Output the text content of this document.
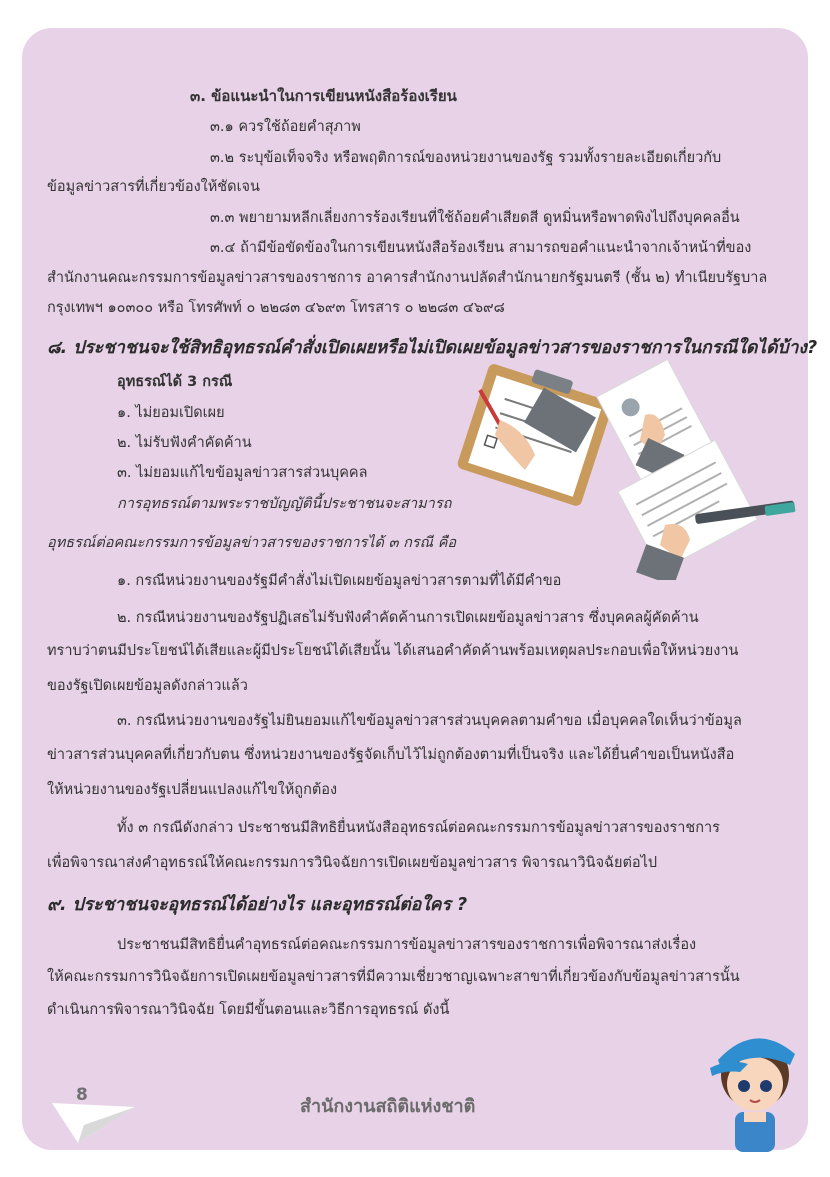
๓. ข้อแนะนำในการเขียนหนังสือร้องเรียน
๓.๑ ควรใช้ถ้อยคำสุภาพ
๓.๒ ระบุข้อเท็จจริง หรือพฤติการณ์ของหน่วยงานของรัฐ รวมทั้งรายละเอียดเกี่ยวกับ
ข้อมูลข่าวสารที่เกี่ยวข้องให้ชัดเจน
๓.๓ พยายามหลีกเลี่ยงการร้องเรียนที่ใช้ถ้อยคำเสียดสี ดูหมิ่นหรือพาดพิงไปถึงบุคคลอื่น
๓.๔ ถ้ามีข้อขัดข้องในการเขียนหนังสือร้องเรียน สามารถขอคำแนะนำจากเจ้าหน้าที่ของ
สำนักงานคณะกรรมการข้อมูลข่าวสารของราชการ อาคารสำนักงานปลัดสำนักนายกรัฐมนตรี (ชั้น ๒) ทำเนียบรัฐบาล
กรุงเทพฯ ๑๐๓๐๐ หรือ โทรศัพท์ ๐ ๒๒๘๓ ๔๖๙๓ โทรสาร ๐ ๒๒๘๓ ๔๖๙๘
๘. ประชาชนจะใช้สิทธิอุทธรณ์คำสั่งเปิดเผยหรือไม่เปิดเผยข้อมูลข่าวสารของราชการในกรณีใดได้บ้าง?
อุทธรณ์ได้ 3 กรณี
๑. ไม่ยอมเปิดเผย
๒. ไม่รับฟังคำคัดค้าน
๓. ไม่ยอมแก้ไขข้อมูลข่าวสารส่วนบุคคล
การอุทธรณ์ตามพระราชบัญญัตินี้ประชาชนจะสามารถ
อุทธรณ์ต่อคณะกรรมการข้อมูลข่าวสารของราชการได้ ๓ กรณี คือ
๑. กรณีหน่วยงานของรัฐมีคำสั่งไม่เปิดเผยข้อมูลข่าวสารตามที่ได้มีคำขอ
๒. กรณีหน่วยงานของรัฐปฏิเสธไม่รับฟังคำคัดค้านการเปิดเผยข้อมูลข่าวสาร ซึ่งบุคคลผู้คัดค้าน
ทราบว่าตนมีประโยชน์ได้เสียและผู้มีประโยชน์ได้เสียนั้น ได้เสนอคำคัดค้านพร้อมเหตุผลประกอบเพื่อให้หน่วยงาน
ของรัฐเปิดเผยข้อมูลดังกล่าวแล้ว
๓. กรณีหน่วยงานของรัฐไม่ยินยอมแก้ไขข้อมูลข่าวสารส่วนบุคคลตามคำขอ เมื่อบุคคลใดเห็นว่าข้อมูล
ข่าวสารส่วนบุคคลที่เกี่ยวกับตน ซึ่งหน่วยงานของรัฐจัดเก็บไว้ไม่ถูกต้องตามที่เป็นจริง และได้ยื่นคำขอเป็นหนังสือ
ให้หน่วยงานของรัฐเปลี่ยนแปลงแก้ไขให้ถูกต้อง
ทั้ง ๓ กรณีดังกล่าว ประชาชนมีสิทธิยื่นหนังสืออุทธรณ์ต่อคณะกรรมการข้อมูลข่าวสารของราชการ
เพื่อพิจารณาส่งคำอุทธรณ์ให้คณะกรรมการวินิจฉัยการเปิดเผยข้อมูลข่าวสาร พิจารณาวินิจฉัยต่อไป
๙. ประชาชนจะอุทธรณ์ได้อย่างไร และอุทธรณ์ต่อใคร ?
ประชาชนมีสิทธิยื่นคำอุทธรณ์ต่อคณะกรรมการข้อมูลข่าวสารของราชการเพื่อพิจารณาส่งเรื่อง
ให้คณะกรรมการวินิจฉัยการเปิดเผยข้อมูลข่าวสารที่มีความเชี่ยวชาญเฉพาะสาขาที่เกี่ยวข้องกับข้อมูลข่าวสารนั้น
ดำเนินการพิจารณาวินิจฉัย โดยมีขั้นตอนและวิธีการอุทธรณ์ ดังนี้
8
สำนักงานสถิติแห่งชาติ
